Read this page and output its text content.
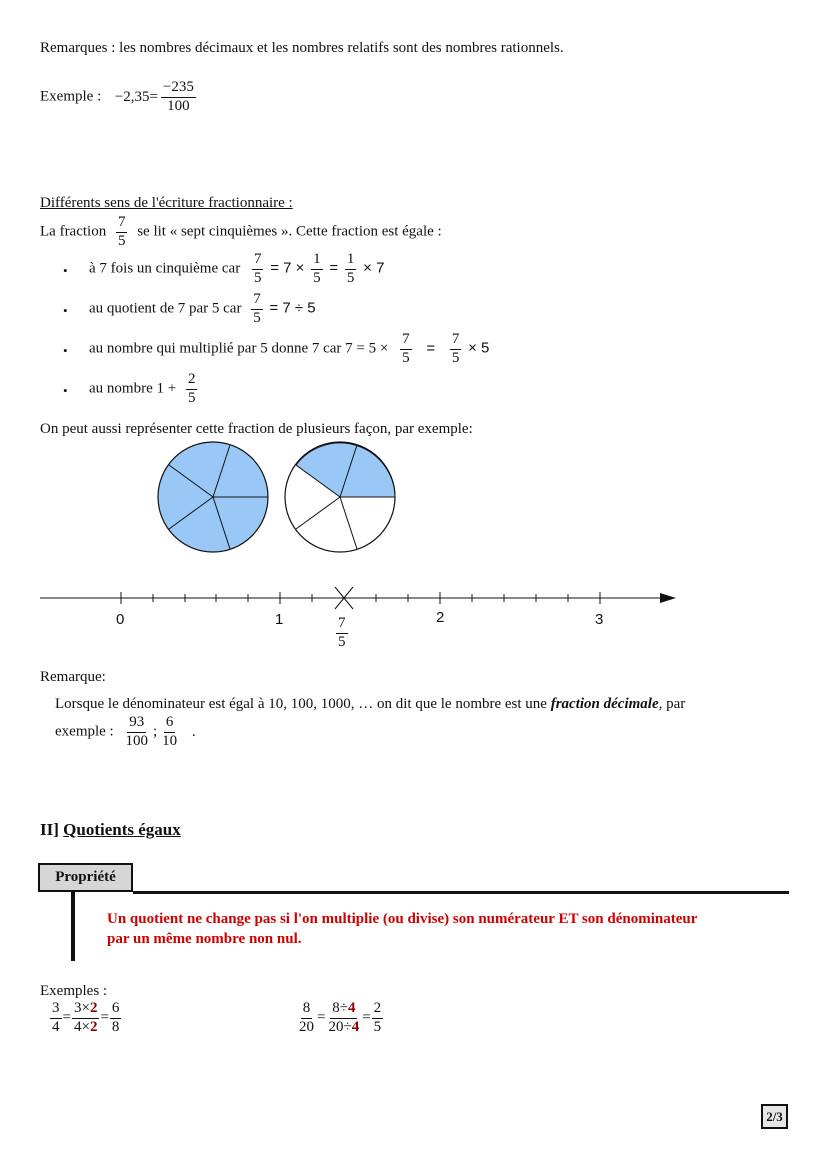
Remarques : les nombres décimaux et les nombres relatifs sont des nombres rationnels.
Exemple : $-2,35= \frac{-235}{100}$
Différents sens de l'écriture fractionnaire :
La fraction $\frac{7}{5}$ se lit « sept cinquièmes ». Cette fraction est égale :
• à 7 fois un cinquième car $\frac{7}{5} = 7 \times \frac{1}{5} = \frac{1}{5} \times 7$
• au quotient de 7 par 5 car $\frac{7}{5} = 7 \div 5$
• au nombre qui multiplié par 5 donne 7 car $7 = 5 \times \frac{7}{5} = \frac{7}{5} \times 5$
• au nombre $1 + \frac{2}{5}$
On peut aussi représenter cette fraction de plusieurs façon, par exemple:
0	1	2	3
$\frac{7}{5}$
Remarque:
Lorsque le dénominateur est égal à 10, 100, 1000, … on dit que le nombre est une fraction décimale, par
exemple : $\frac{93}{100}$ ; $\frac{6}{10}$ .
II] Quotients égaux
Propriété
Un quotient ne change pas si l'on multiplie (ou divise) son numérateur ET son dénominateur
par un même nombre non nul.
Exemples :
$\frac{3}{4} = \frac{3\times 2}{4\times 2} = \frac{6}{8}$	$\frac{8}{20} = \frac{8\div 4}{20\div 4} = \frac{2}{5}$
2/3
